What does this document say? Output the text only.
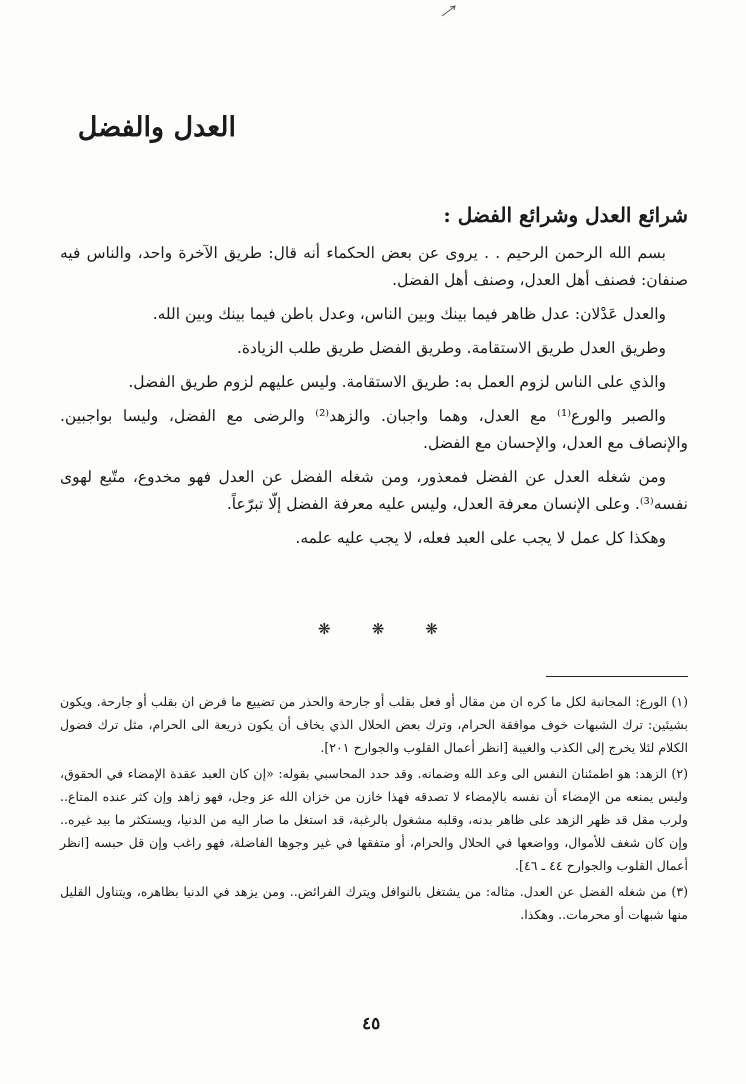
العدل والفضل
شرائع العدل وشرائع الفضل :

بسم الله الرحمن الرحيم . . يروى عن بعض الحكماء أنه قال: طريق الآخرة واحد، والناس فيه صنفان: فصنف أهل العدل، وصنف أهل الفضل.

والعدل عَدْلان: عدل ظاهر فيما بينك وبين الناس، وعدل باطن فيما بينك وبين الله.

وطريق العدل طريق الاستقامة. وطريق الفضل طريق طلب الزيادة.

والذي على الناس لزوم العمل به: طريق الاستقامة. وليس عليهم لزوم طريق الفضل.

والصبر والورع⁽¹⁾ مع العدل، وهما واجبان. والزهد⁽²⁾ والرضى مع الفضل، وليسا بواجبين. والإنصاف مع العدل، والإحسان مع الفضل.

ومن شغله العدل عن الفضل فمعذور، ومن شغله الفضل عن العدل فهو مخدوع، متّبع لهوى نفسه⁽³⁾. وعلى الإنسان معرفة العدل، وليس عليه معرفة الفضل إلّا تبرّعاً.

وهكذا كل عمل لا يجب على العبد فعله، لا يجب عليه علمه.

❋
❋
❋

(١) الورع: المجانبة لكل ما كره ان من مقال أو فعل بقلب أو جارحة والحذر من تضييع ما فرض ان بقلب أو جارحة. ويكون بشيئين: ترك الشبهات خوف موافقة الحرام، وترك بعض الحلال الذي يخاف أن يكون ذريعة الى الحرام، مثل ترك فضول الكلام لئلا يخرج إلى الكذب والغيبة [انظر أعمال القلوب والجوارح ٢٠١].

(٢) الزهد: هو اطمئنان النفس الى وعد الله وضمانه. وقد حدد المحاسبي بقوله: «إن كان العبد عقدة الإمضاء في الحقوق، وليس يمنعه من الإمضاء أن نفسه بالإمضاء لا تصدقه فهذا خازن من خزان الله عز وجل، فهو زاهد وإن كثر عنده المتاع.. ولرب مقل قد ظهر الزهد على ظاهر بدنه، وقلبه مشغول بالرغبة، قد استغل ما صار اليه من الدنيا، ويستكثر ما بيد غيره.. وإن كان شغف للأموال، وواضعها في الحلال والحرام، أو متفقها في غير وجوها الفاضلة، فهو راغب وإن قل حبسه [انظر أعمال القلوب والجوارح ٤٤ ـ ٤٦].

(٣) من شغله الفضل عن العدل. مثاله: من يشتغل بالنوافل ويترك الفرائض.. ومن يزهد في الدنيا بظاهره، ويتناول القليل منها شبهات أو محرمات.. وهكذا.

٤٥
